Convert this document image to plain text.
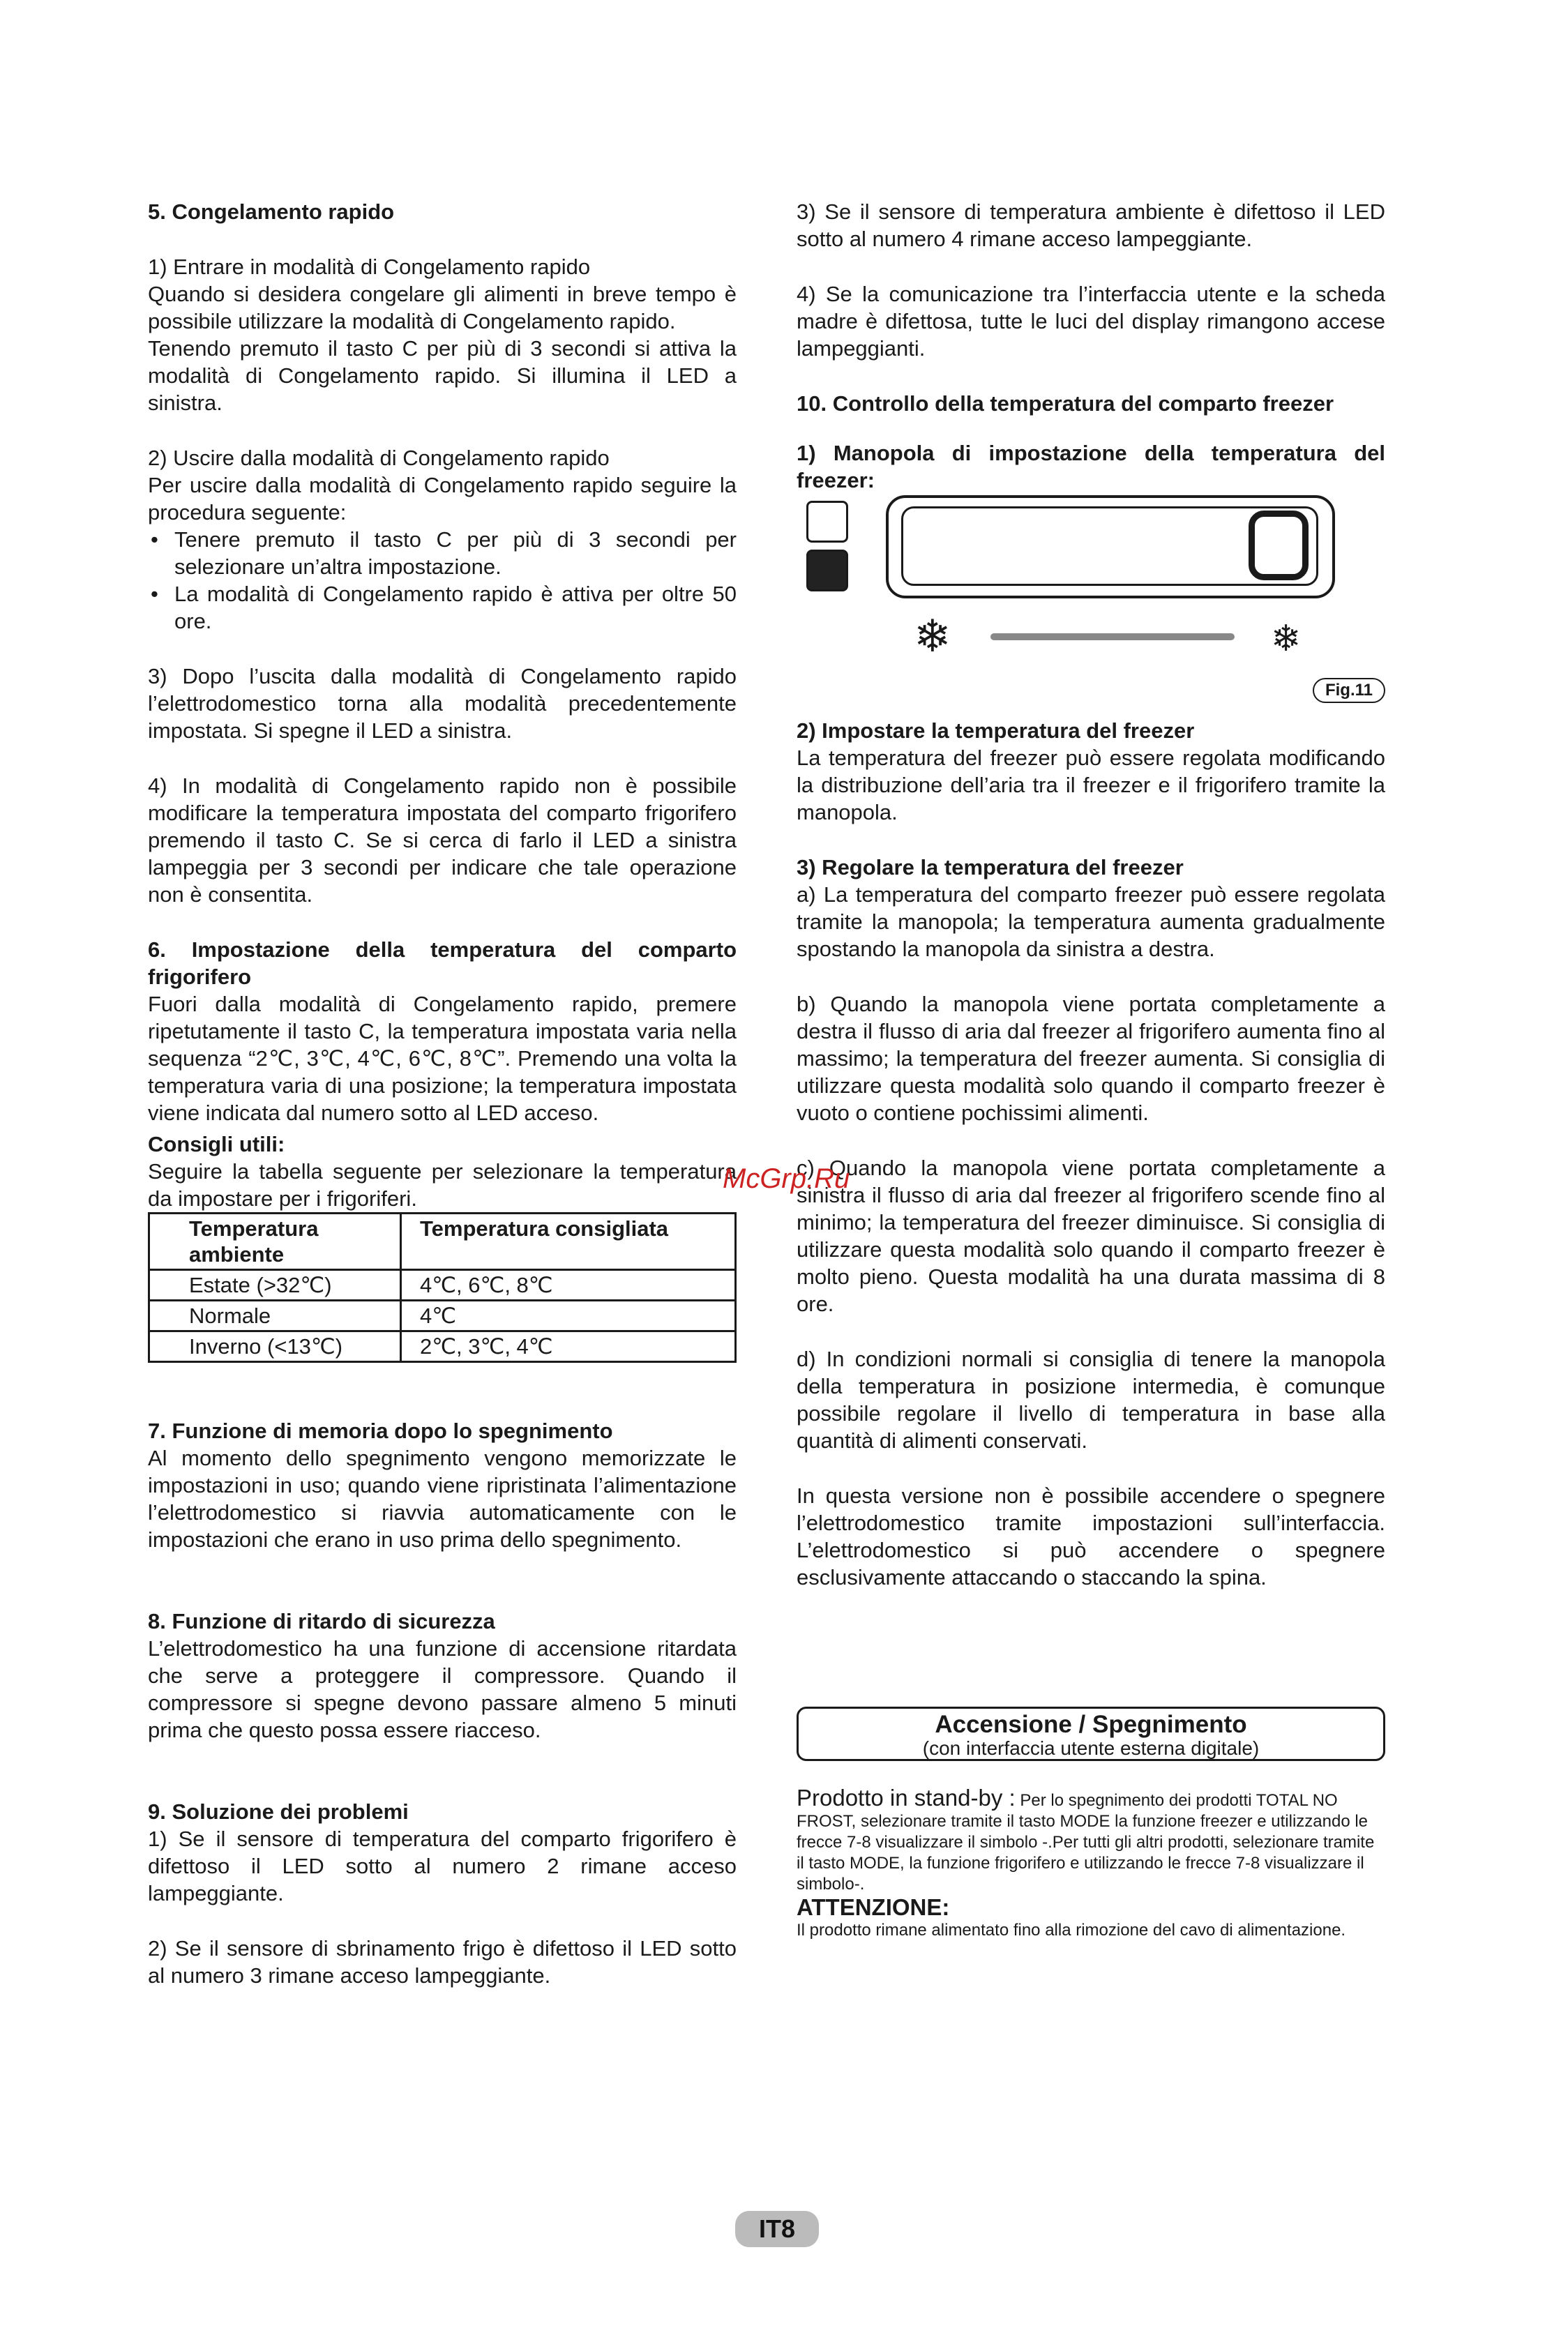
5. Congelamento rapido

1) Entrare in modalità di Congelamento rapido

Quando si desidera congelare gli alimenti in breve tempo è possibile utilizzare la modalità di Congelamento rapido.

Tenendo premuto il tasto C per più di 3 secondi si attiva la modalità di Congelamento rapido. Si illumina il LED a sinistra.

2) Uscire dalla modalità di Congelamento rapido

Per uscire dalla modalità di Congelamento rapido seguire la procedura seguente:

• Tenere premuto il tasto C per più di 3 secondi per selezionare un’altra impostazione.
• La modalità di Congelamento rapido è attiva per oltre 50 ore.

3) Dopo l’uscita dalla modalità di Congelamento rapido l’elettrodomestico torna alla modalità precedentemente impostata. Si spegne il LED a sinistra.

4) In modalità di Congelamento rapido non è possibile modificare la temperatura impostata del comparto frigorifero premendo il tasto C. Se si cerca di farlo il LED a sinistra lampeggia per 3 secondi per indicare che tale operazione non è consentita.

6. Impostazione della temperatura del comparto frigorifero

Fuori dalla modalità di Congelamento rapido, premere ripetutamente il tasto C, la temperatura impostata varia nella sequenza “2℃, 3℃, 4℃, 6℃, 8℃”. Premendo una volta la temperatura varia di una posizione; la temperatura impostata viene indicata dal numero sotto al LED acceso.

Consigli utili:

Seguire la tabella seguente per selezionare la temperatura da impostare per i frigoriferi.

Temperatura ambiente	Temperatura consigliata
Estate (>32℃)	4℃, 6℃, 8℃
Normale	4℃
Inverno (<13℃)	2℃, 3℃, 4℃

7. Funzione di memoria dopo lo spegnimento

Al momento dello spegnimento vengono memorizzate le impostazioni in uso; quando viene ripristinata l’alimentazione l’elettrodomestico si riavvia automaticamente con le impostazioni che erano in uso prima dello spegnimento.

8. Funzione di ritardo di sicurezza

L’elettrodomestico ha una funzione di accensione ritardata che serve a proteggere il compressore. Quando il compressore si spegne devono passare almeno 5 minuti prima che questo possa essere riacceso.

9. Soluzione dei problemi

1) Se il sensore di temperatura del comparto frigorifero è difettoso il LED sotto al numero 2 rimane acceso lampeggiante.

2) Se il sensore di sbrinamento frigo è difettoso il LED sotto al numero 3 rimane acceso lampeggiante.

3) Se il sensore di temperatura ambiente è difettoso il LED sotto al numero 4 rimane acceso lampeggiante.

4) Se la comunicazione tra l’interfaccia utente e la scheda madre è difettosa, tutte le luci del display rimangono accese lampeggianti.

10. Controllo della temperatura del comparto freezer

1) Manopola di impostazione della temperatura del freezer:

❄	❄
Fig.11

2) Impostare la temperatura del freezer

La temperatura del freezer può essere regolata modificando la distribuzione dell’aria tra il freezer e il frigorifero tramite la manopola.

3) Regolare la temperatura del freezer

a) La temperatura del comparto freezer può essere regolata tramite la manopola; la temperatura aumenta gradualmente spostando la manopola da sinistra a destra.

b) Quando la manopola viene portata completamente a destra il flusso di aria dal freezer al frigorifero aumenta fino al massimo; la temperatura del freezer aumenta. Si consiglia di utilizzare questa modalità solo quando il comparto freezer è vuoto o contiene pochissimi alimenti.

c) Quando la manopola viene portata completamente a sinistra il flusso di aria dal freezer al frigorifero scende fino al minimo; la temperatura del freezer diminuisce. Si consiglia di utilizzare questa modalità solo quando il comparto freezer è molto pieno. Questa modalità ha una durata massima di 8 ore.

d) In condizioni normali si consiglia di tenere la manopola della temperatura in posizione intermedia, è comunque possibile regolare il livello di temperatura in base alla quantità di alimenti conservati.

In questa versione non è possibile accendere o spegnere l’elettrodomestico tramite impostazioni sull’interfaccia. L’elettrodomestico si può accendere o spegnere esclusivamente attaccando o staccando la spina.

Accensione / Spegnimento
(con interfaccia utente esterna digitale)

Prodotto in stand-by : Per lo spegnimento dei prodotti TOTAL NO FROST, selezionare tramite il tasto MODE la funzione freezer e utilizzando le frecce 7-8 visualizzare il simbolo -.Per tutti gli altri prodotti, selezionare tramite il tasto MODE, la funzione frigorifero e utilizzando le frecce 7-8 visualizzare il simbolo-.

ATTENZIONE:

Il prodotto rimane alimentato fino alla rimozione del cavo di alimentazione.

McGrp.Ru
IT8
